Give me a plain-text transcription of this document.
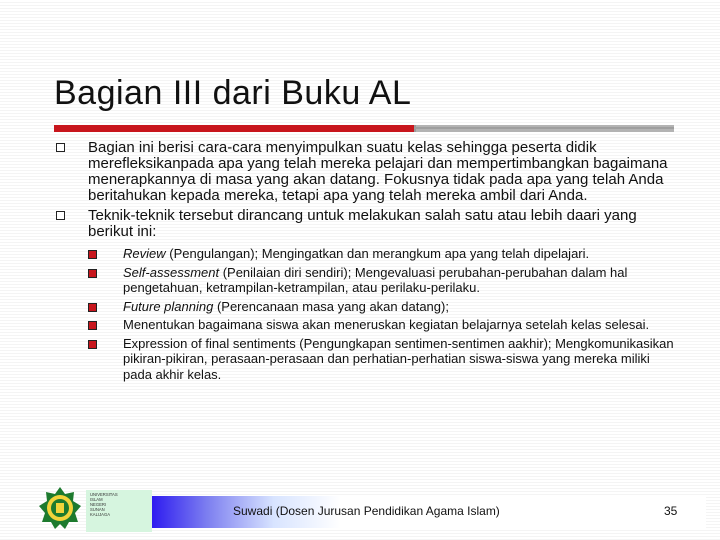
Bagian III dari Buku AL
Bagian ini berisi cara-cara menyimpulkan suatu kelas sehingga peserta didik merefleksikanpada apa yang telah mereka pelajari dan mempertimbangkan bagaimana menerapkannya di masa yang akan datang. Fokusnya tidak pada apa yang telah Anda beritahukan kepada mereka, tetapi apa yang telah mereka ambil dari Anda.
Teknik-teknik tersebut dirancang untuk melakukan salah satu atau lebih daari yang berikut ini:
Review (Pengulangan); Mengingatkan dan merangkum apa yang telah dipelajari.
Self-assessment (Penilaian diri sendiri); Mengevaluasi perubahan-perubahan dalam hal pengetahuan, ketrampilan-ketrampilan, atau perilaku-perilaku.
Future planning (Perencanaan masa yang akan datang);
Menentukan bagaimana siswa akan meneruskan kegiatan belajarnya setelah kelas selesai.
Expression of final sentiments (Pengungkapan sentimen-sentimen aakhir); Mengkomunikasikan pikiran-pikiran, perasaan-perasaan dan perhatian-perhatian siswa-siswa yang mereka miliki pada akhir kelas.
UNIVERSITAS
ISLAM
NEGERI
SUNAN
KALIJAGA	Suwadi (Dosen Jurusan Pendidikan Agama Islam)	35
